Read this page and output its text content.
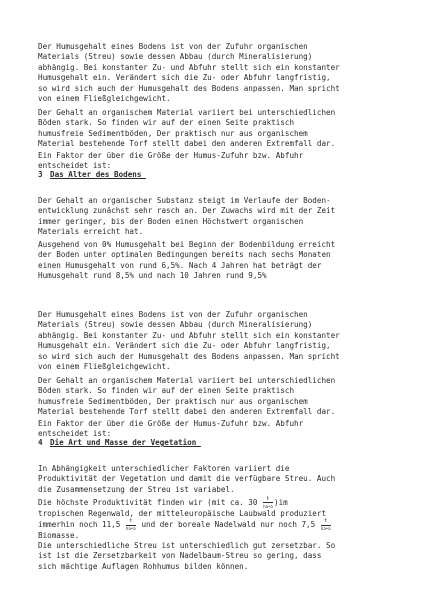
Der Humusgehalt eines Bodens ist von der Zufuhr organischen
Materials (Streu) sowie dessen Abbau (durch Mineralisierung)
abhängig. Bei konstanter Zu- und Abfuhr stellt sich ein konstanter
Humusgehalt ein. Verändert sich die Zu- oder Abfuhr langfristig,
so wird sich auch der Humusgehalt des Bodens anpassen. Man spricht
von einem Fließgleichgewicht.

Der Gehalt an organischem Material variiert bei unterschiedlichen
Böden stark. So finden wir auf der einen Seite praktisch
humusfreie Sedimentböden, Der praktisch nur aus organischem
Material bestehende Torf stellt dabei den anderen Extremfall dar.

Ein Faktor der über die Größe der Humus-Zufuhr bzw. Abfuhr
entscheidet ist:

3 Das Alter des Bodens

Der Gehalt an organischer Substanz steigt im Verlaufe der Boden-
entwicklung zunächst sehr rasch an. Der Zuwachs wird mit der Zeit
immer geringer, bis der Boden einen Höchstwert organischen
Materials erreicht hat.

Ausgehend von 0% Humusgehalt bei Beginn der Bodenbildung erreicht
der Boden unter optimalen Bedingungen bereits nach sechs Monaten
einen Humusgehalt von rund 6,5%. Nach 4 Jahren hat beträgt der
Humusgehalt rund 8,5% und nach 10 Jahren rund 9,5%

Der Humusgehalt eines Bodens ist von der Zufuhr organischen
Materials (Streu) sowie dessen Abbau (durch Mineralisierung)
abhängig. Bei konstanter Zu- und Abfuhr stellt sich ein konstanter
Humusgehalt ein. Verändert sich die Zu- oder Abfuhr langfristig,
so wird sich auch der Humusgehalt des Bodens anpassen. Man spricht
von einem Fließgleichgewicht.

Der Gehalt an organischem Material variiert bei unterschiedlichen
Böden stark. So finden wir auf der einen Seite praktisch
humusfreie Sedimentböden, Der praktisch nur aus organischem
Material bestehende Torf stellt dabei den anderen Extremfall dar.

Ein Faktor der über die Größe der Humus-Zufuhr bzw. Abfuhr
entscheidet ist:

4 Die Art und Masse der Vegetation

In Abhängigkeit unterschiedlicher Faktoren variiert die
Produktivität der Vegetation und damit die verfügbare Streu. Auch
die Zusammensetzung der Streu ist variabel.

Die höchste Produktivität finden wir (mit ca. $30 \frac{t}{ha•a} )im$
tropischen Regenwald, der mitteleuropäische Laubwald produziert
immerhin noch $11,5 \frac{t}{ha•a}$ und der boreale Nadelwald nur noch $7,5 \frac{t}{ha•a}$

Biomasse.

Die unterschiedliche Streu ist unterschiedlich gut zersetzbar. So
ist ist die Zersetzbarkeit von Nadelbaum-Streu so gering, dass
sich mächtige Auflagen Rohhumus bilden können.
